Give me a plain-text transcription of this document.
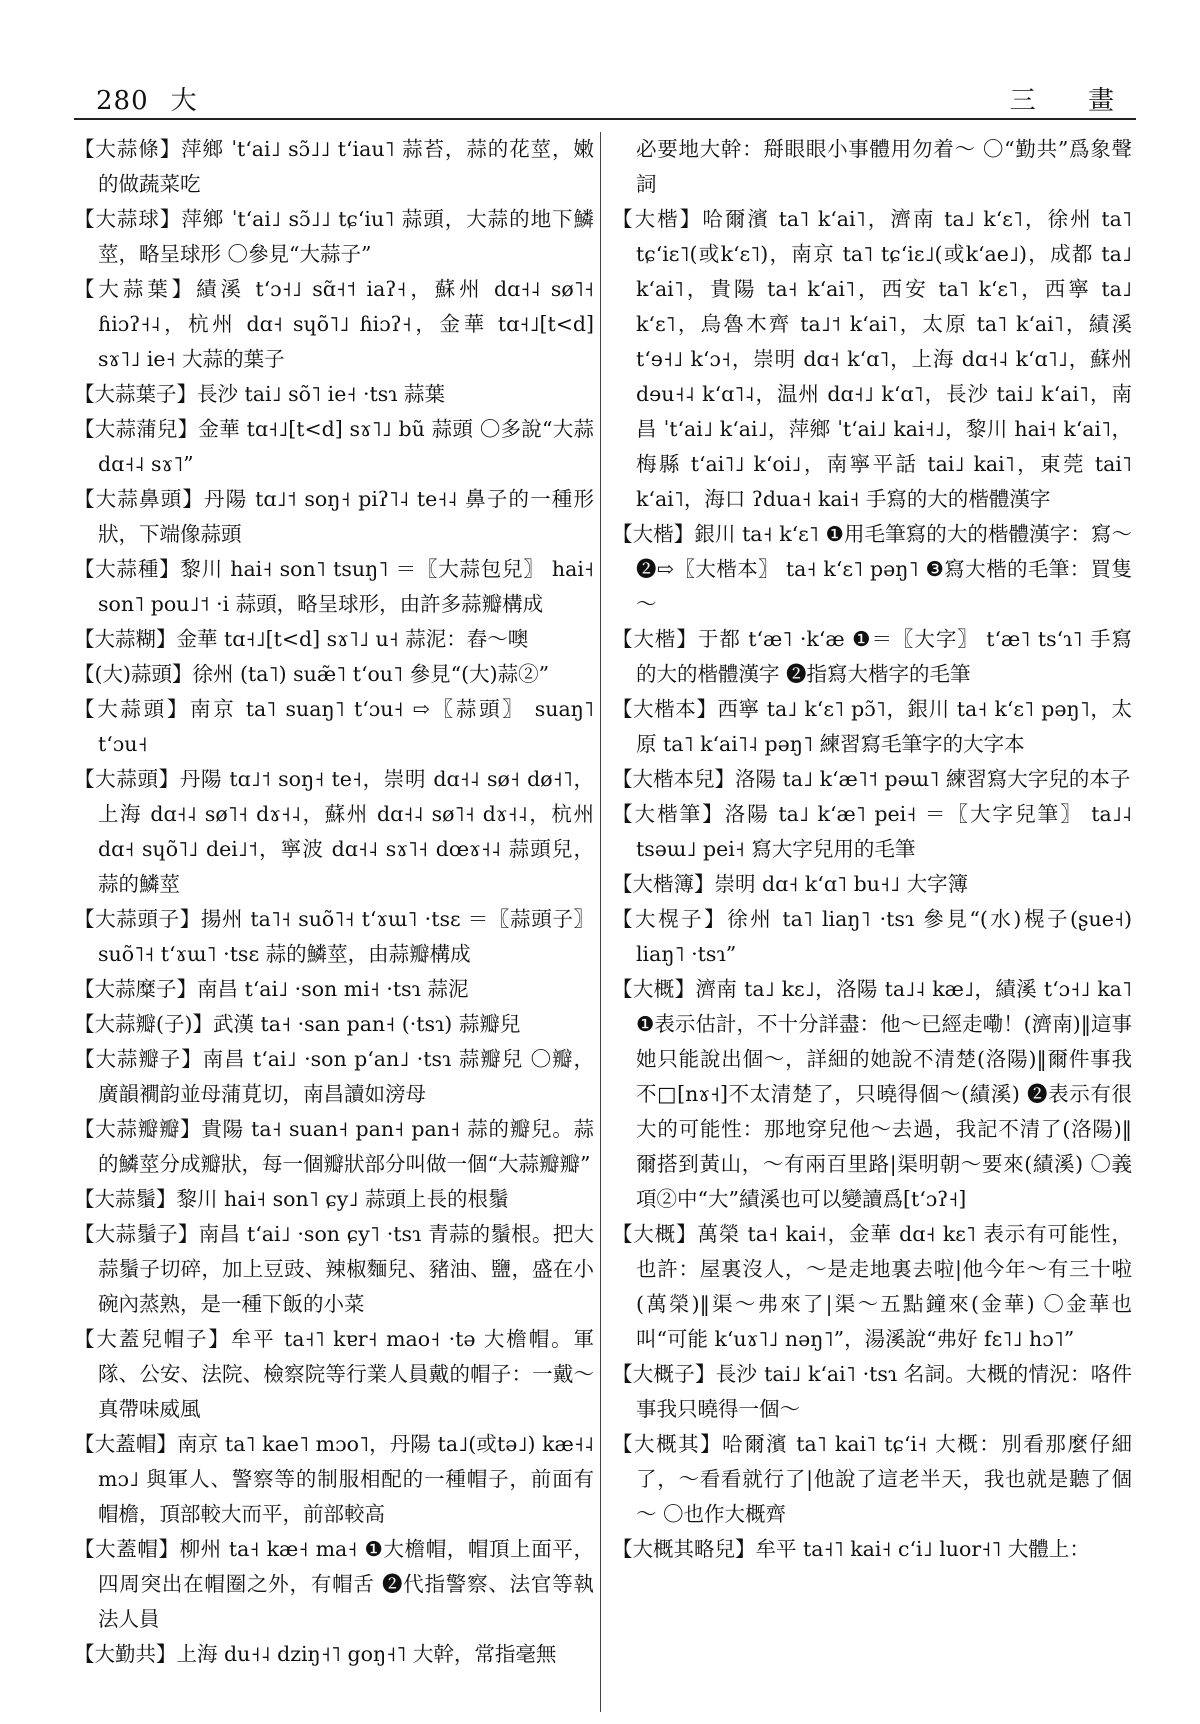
280 大	三 畫

【大蒜條】萍鄉 ˈtʻai˩ sɔ̃˩˩ tʻiau˥ 蒜苔，蒜的花莖，嫩的做蔬菜吃

【大蒜球】萍鄉 ˈtʻai˩ sɔ̃˩˩ tɕʻiu˥ 蒜頭，大蒜的地下鱗莖，略呈球形 〇參見“大蒜子”

【大蒜葉】績溪 tʻɔ˧˩ sɑ̃˧˦ iaʔ˧，蘇州 dɑ˧˨ sø˥˧ ɦiɔʔ˧˨，杭州 dɑ˧ sɥõ˥˩ ɦiɔʔ˧，金華 tɑ˧˩[t<d] sɤ˥˩ ie˧ 大蒜的葉子

【大蒜葉子】長沙 tai˩ sõ˥ ie˧ ·tsɿ 蒜葉

【大蒜蒲兒】金華 tɑ˧˩[t<d] sɤ˥˩ bũ 蒜頭 〇多說“大蒜 dɑ˧˨ sɤ˥”

【大蒜鼻頭】丹陽 tɑ˩˦ soŋ˧ piʔ˥˨ te˧˨ 鼻子的一種形狀，下端像蒜頭

【大蒜種】黎川 hai˧ son˥ tsuŋ˥ ＝〖大蒜包兒〗 hai˧ son˥ pou˩˦ ·i 蒜頭，略呈球形，由許多蒜瓣構成

【大蒜糊】金華 tɑ˧˩[t<d] sɤ˥˩ u˧ 蒜泥：舂～噢

【(大)蒜頭】徐州 (ta˥) suæ̃˥ tʻou˥ 參見“(大)蒜②”

【大蒜頭】南京 ta˥ suaŋ˥ tʻɔu˧ ⇨〖蒜頭〗 suaŋ˥ tʻɔu˧

【大蒜頭】丹陽 tɑ˩˦ soŋ˧ te˧，崇明 dɑ˧˨ sø˧ dø˧˥，上海 dɑ˧˨ sø˥˧ dɤ˧˨，蘇州 dɑ˧˨ sø˥˧ dɤ˧˨，杭州 dɑ˧ sɥõ˥˩ dei˩˦，寧波 dɑ˧˨ sɤ˥˧ dœɤ˧˨ 蒜頭兒，蒜的鱗莖

【大蒜頭子】揚州 ta˥˧ suõ˥˧ tʻɤɯ˥ ·tsɛ ＝〖蒜頭子〗 suõ˥˧ tʻɤɯ˥ ·tsɛ 蒜的鱗莖，由蒜瓣構成

【大蒜糜子】南昌 tʻai˩ ·son mi˧ ·tsɿ 蒜泥

【大蒜瓣(子)】武漢 ta˧ ·san pan˧ (·tsɿ) 蒜瓣兒

【大蒜瓣子】南昌 tʻai˩ ·son pʻan˩ ·tsɿ 蒜瓣兒 〇瓣，廣韻襉韵並母蒲莧切，南昌讀如滂母

【大蒜瓣瓣】貴陽 ta˧ suan˧ pan˧ pan˧ 蒜的瓣兒。蒜的鱗莖分成瓣狀，每一個瓣狀部分叫做一個“大蒜瓣瓣”

【大蒜鬚】黎川 hai˧ son˥ ɕy˩ 蒜頭上長的根鬚

【大蒜鬚子】南昌 tʻai˩ ·son ɕy˥ ·tsɿ 青蒜的鬚根。把大蒜鬚子切碎，加上豆豉、辣椒麵兒、豬油、鹽，盛在小碗內蒸熟，是一種下飯的小菜

【大蓋兒帽子】牟平 ta˧˥ kɐr˧ mao˧ ·tə 大檐帽。軍隊、公安、法院、檢察院等行業人員戴的帽子：一戴～真帶味威風

【大蓋帽】南京 ta˥ kae˥ mɔo˥，丹陽 ta˩(或tə˩) kæ˧˨ mɔ˩ 與軍人、警察等的制服相配的一種帽子，前面有帽檐，頂部較大而平，前部較高

【大蓋帽】柳州 ta˧ kæ˧ ma˧ ❶大檐帽，帽頂上面平，四周突出在帽圈之外，有帽舌 ❷代指警察、法官等執法人員

【大勤共】上海 du˧˨ dziŋ˧˥ goŋ˧˥ 大幹，常指毫無

必要地大幹：搿眼眼小事體用勿着～ 〇“勤共”爲象聲詞

【大楷】哈爾濱 ta˥ kʻai˥，濟南 ta˩ kʻɛ˥，徐州 ta˥ tɕʻiɛ˥(或kʻɛ˥)，南京 ta˥ tɕʻiɛ˩(或kʻae˩)，成都 ta˩ kʻai˥，貴陽 ta˧ kʻai˥，西安 ta˥ kʻɛ˥，西寧 ta˩ kʻɛ˥，烏魯木齊 ta˩˦ kʻai˥，太原 ta˥ kʻai˥，績溪 tʻɘ˧˩ kʻɔ˧，崇明 dɑ˧ kʻɑ˥，上海 dɑ˧˨ kʻɑ˥˩，蘇州 dɘu˧˨ kʻɑ˥˨，温州 dɑ˧˩ kʻɑ˥，長沙 tai˩ kʻai˥，南昌 ˈtʻai˩ kʻai˩，萍鄉 ˈtʻai˩ kai˧˩，黎川 hai˧ kʻai˥，梅縣 tʻai˥˩ kʻoi˩，南寧平話 tai˩ kai˥，東莞 tai˥ kʻai˥，海口 ʔdua˧ kai˧ 手寫的大的楷體漢字

【大楷】銀川 ta˧ kʻɛ˥ ❶用毛筆寫的大的楷體漢字：寫～ ❷⇨〖大楷本〗 ta˧ kʻɛ˥ pəŋ˥ ❸寫大楷的毛筆：買隻～

【大楷】于都 tʻæ˥ ·kʻæ ❶＝〖大字〗 tʻæ˥ tsʻɿ˥ 手寫的大的楷體漢字 ❷指寫大楷字的毛筆

【大楷本】西寧 ta˩ kʻɛ˥ pɔ̃˥，銀川 ta˧ kʻɛ˥ pəŋ˥，太原 ta˥ kʻai˥˨ pəŋ˥ 練習寫毛筆字的大字本

【大楷本兒】洛陽 ta˩ kʻæ˥˦ pəɯ˥ 練習寫大字兒的本子

【大楷筆】洛陽 ta˩ kʻæ˥ pei˧ ＝〖大字兒筆〗 ta˩˨ tsəɯ˩ pei˧ 寫大字兒用的毛筆

【大楷簿】崇明 dɑ˧ kʻɑ˥ bu˧˩ 大字簿

【大榥子】徐州 ta˥ liaŋ˥ ·tsɿ 參見“(水)榥子(ʂue˧) liaŋ˥ ·tsɿ”

【大概】濟南 ta˩ kɛ˩，洛陽 ta˩˨ kæ˩，績溪 tʻɔ˧˩ ka˥ ❶表示估計，不十分詳盡：他～已經走嘞！(濟南)‖這事她只能說出個～，詳細的她說不清楚(洛陽)‖爾件事我不□[nɤ˧]不太清楚了，只曉得個～(績溪) ❷表示有很大的可能性：那地穿兒他～去過，我記不清了(洛陽)‖爾搭到黃山，～有兩百里路|渠明朝～要來(績溪) 〇義項②中“大”績溪也可以變讀爲[tʻɔʔ˧]

【大概】萬榮 ta˧ kai˧，金華 dɑ˧ kɛ˥ 表示有可能性，也許：屋裏沒人，～是走地裏去啦|他今年～有三十啦(萬榮)‖渠～弗來了|渠～五點鐘來(金華) 〇金華也叫“可能 kʻuɤ˥˩ nəŋ˥”，湯溪說“弗好 fɛ˥˩ hɔ˥”

【大概子】長沙 tai˩ kʻai˥ ·tsɿ 名詞。大概的情況：咯件事我只曉得一個～

【大概其】哈爾濱 ta˥ kai˥ tɕʻi˧ 大概：別看那麼仔細了，～看看就行了|他說了這老半天，我也就是聽了個～ 〇也作大概齊

【大概其略兒】牟平 ta˧˥ kai˧ cʻi˩ luor˧˥ 大體上：
